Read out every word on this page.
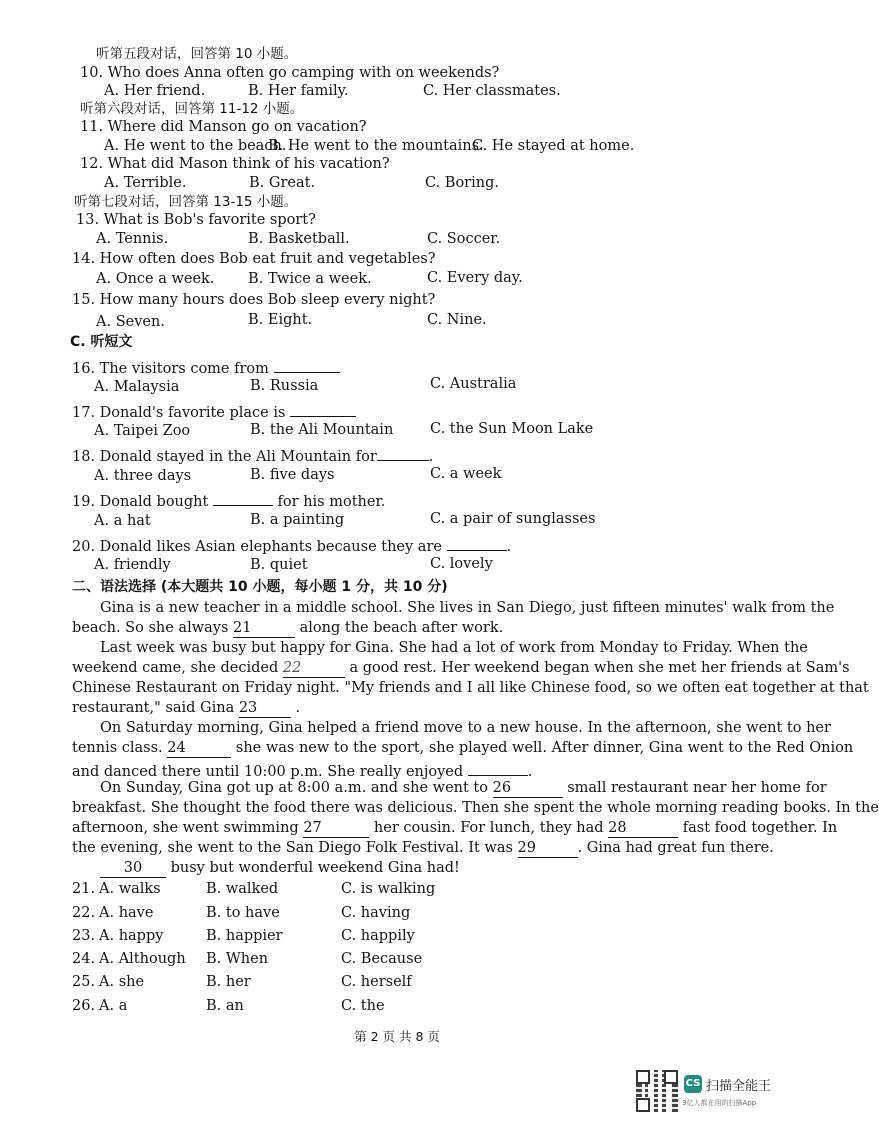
听第五段对话，回答第 10 小题。
10. Who does Anna often go camping with on weekends?
A. Her friend.	B. Her family.	C. Her classmates.
听第六段对话，回答第 11-12 小题。
11. Where did Manson go on vacation?
A. He went to the beach.
B. He went to the mountains.
C. He stayed at home.
12. What did Mason think of his vacation?
A. Terrible.	B. Great.	C. Boring.
听第七段对话，回答第 13-15 小题。
13. What is Bob's favorite sport?
A. Tennis.	B. Basketball.	C. Soccer.
14. How often does Bob eat fruit and vegetables?
A. Once a week. B. Twice a week.	C. Every day.
15. How many hours does Bob sleep every night?
A. Seven.	B. Eight.	C. Nine.
C. 听短文
16. The visitors come from
A. Malaysia	B. Russia	C. Australia
17. Donald's favorite place is
A. Taipei Zoo	B. the Ali Mountain	C. the Sun Moon Lake
18. Donald stayed in the Ali Mountain for	.
A. three days	B. five days	C. a week
19. Donald bought	for his mother.
A. a hat	B. a painting	C. a pair of sunglasses
20. Donald likes Asian elephants because they are	.
A. friendly	B. quiet	C. lovely
二、语法选择 (本大题共 10 小题，每小题 1 分，共 10 分)
Gina is a new teacher in a middle school. She lives in San Diego, just fifteen minutes' walk from the
beach. So she always 21	along the beach after work.
Last week was busy but happy for Gina. She had a lot of work from Monday to Friday. When the
weekend came, she decided 22	a good rest. Her weekend began when she met her friends at Sam's
Chinese Restaurant on Friday night. "My friends and I all like Chinese food, so we often eat together at that
restaurant," said Gina 23	.
On Saturday morning, Gina helped a friend move to a new house. In the afternoon, she went to her
tennis class. 24	she was new to the sport, she played well. After dinner, Gina went to the Red Onion
and danced there until 10:00 p.m. She really enjoyed	.
On Sunday, Gina got up at 8:00 a.m. and she went to 26	small restaurant near her home for
breakfast. She thought the food there was delicious. Then she spent the whole morning reading books. In the
afternoon, she went swimming 27	her cousin. For lunch, they had 28	fast food together. In
the evening, she went to the San Diego Folk Festival. It was 29	. Gina had great fun there.
30 busy but wonderful weekend Gina had!
21. A. walks	B. walked	C. is walking
22. A. have	B. to have	C. having
23. A. happy	B. happier	C. happily
24. A. Although B. When	C. Because
25. A. she	B. her	C. herself
26. A. a	B. an	C. the
第 2 页 共 8 页
CS 扫描全能王
3亿人都在用的扫描App
